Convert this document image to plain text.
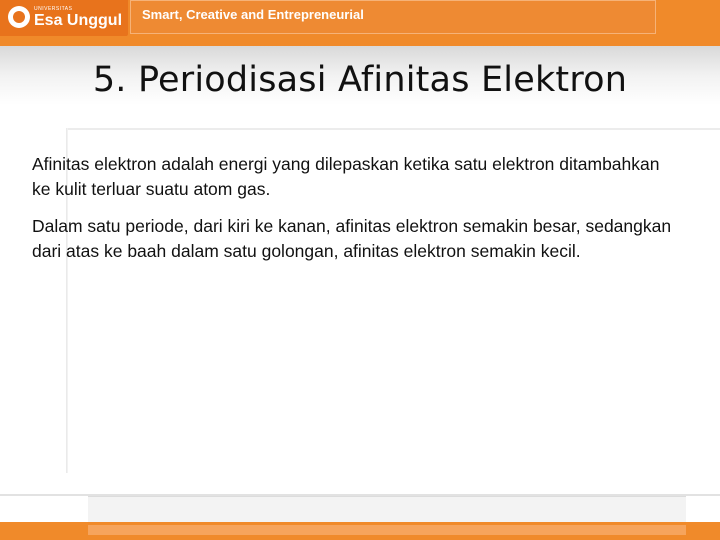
UNIVERSITAS
Esa Unggul Smart, Creative and Entrepreneurial
5. Periodisasi Afinitas Elektron

Afinitas elektron adalah energi yang dilepaskan ketika satu elektron ditambahkan ke kulit terluar suatu atom gas.

Dalam satu periode, dari kiri ke kanan, afinitas elektron semakin besar, sedangkan dari atas ke baah dalam satu golongan, afinitas elektron semakin kecil.
